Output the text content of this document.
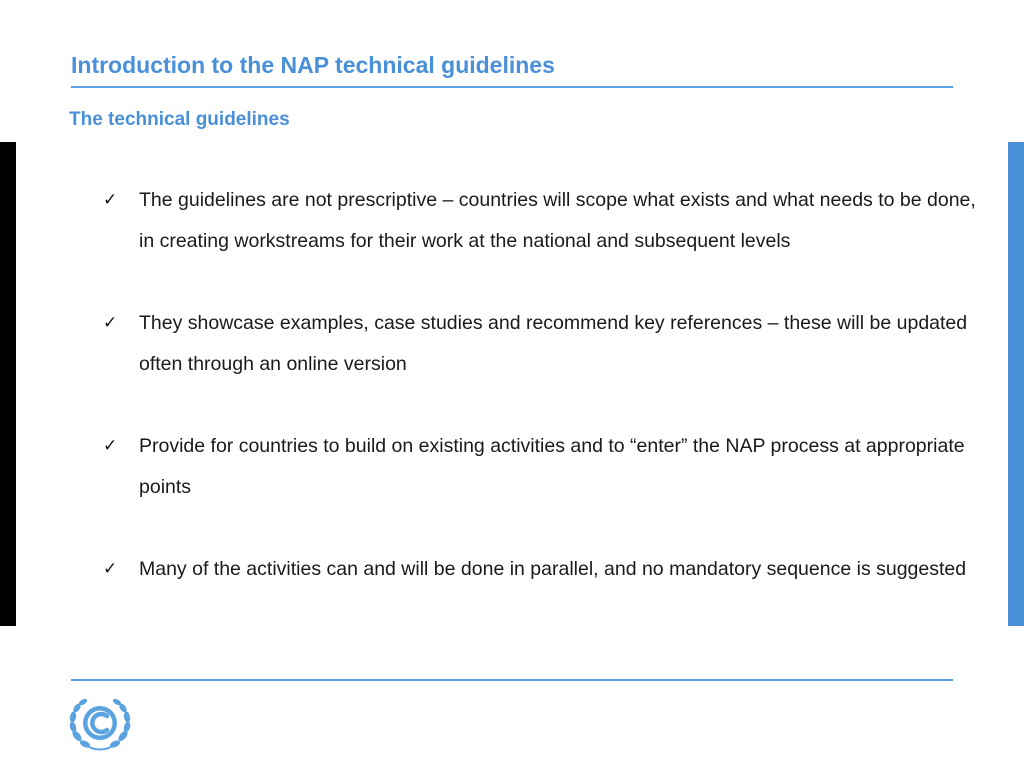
Introduction to the NAP technical guidelines
The technical guidelines
✓ The guidelines are not prescriptive – countries will scope what exists and what needs to be done, in creating workstreams for their work at the national and subsequent levels
✓ They showcase examples, case studies and recommend key references – these will be updated often through an online version
✓ Provide for countries to build on existing activities and to “enter” the NAP process at appropriate points
✓ Many of the activities can and will be done in parallel, and no mandatory sequence is suggested
